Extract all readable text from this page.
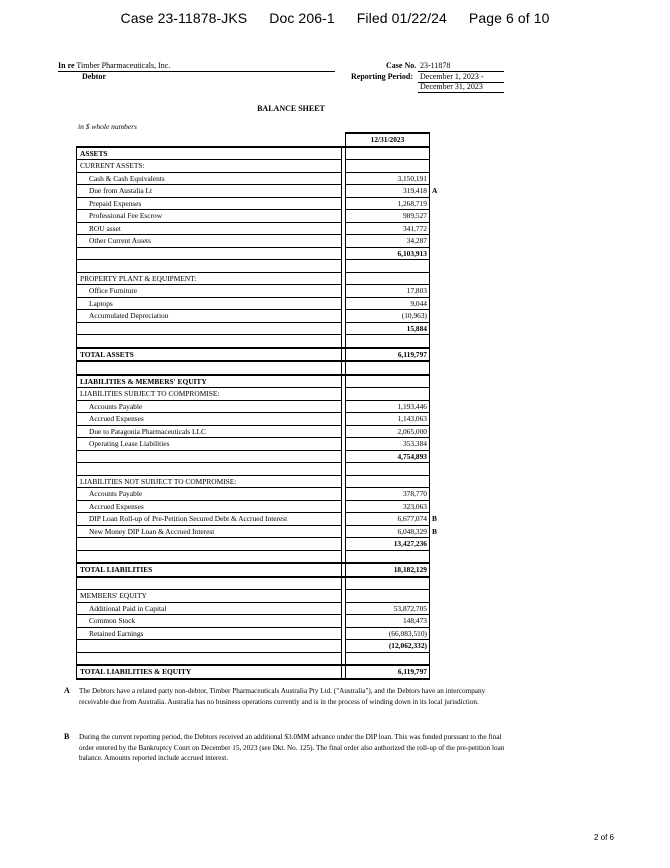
Case 23-11878-JKS Doc 206-1 Filed 01/22/24 Page 6 of 10
In re Timber Pharmaceuticals, Inc.
Debtor
Case No. 23-11878
Reporting Period: December 1, 2023 -
December 31, 2023
BALANCE SHEET
in $ whole numbers
		12/31/2023
ASSETS		
CURRENT ASSETS:		
Cash & Cash Equivalents		3,150,191
Due from Austalia Lt		319,418 A

Prepaid Expenses		1,268,719
Professional Fee Escrow		989,527
ROU asset		341,772
Other Current Assets		34,287
		6,103,913

PROPERTY PLANT & EQUIPMENT:		
Office Furniture		17,803
Laptops		9,044
Accumulated Depreciation		(10,963)
		15,884

TOTAL ASSETS		6,119,797

LIABILITIES & MEMBERS' EQUITY		
LIABILITIES SUBJECT TO COMPROMISE:		
Accounts Payable		1,193,446
Accrued Expenses		1,143,063
Due to Patagonia Pharmaceuticals LLC		2,065,000
Operating Lease Liabilities		353,384
		4,754,893

LIABILITIES NOT SUBJECT TO COMPROMISE:		
Accounts Payable		378,770
Accrued Expenses		323,063
DIP Loan Roll-up of Pre-Petition Secured Debt & Accrued Interest		6,677,074 B

New Money DIP Loan & Accrued Interest		6,048,329 B

		13,427,236

TOTAL LIABILITIES		18,182,129

MEMBERS' EQUITY		
Additional Paid in Capital		53,872,705
Common Stock		148,473
Retained Earnings		(66,083,510)
		(12,062,332)

TOTAL LIABILITIES & EQUITY		6,119,797
A The Debtors have a related party non-debtor, Timber Pharmaceuticals Australia Pty Ltd. ("Australia"), and the Debtors have an intercompany receivable due from Australia. Australia has no business operations currently and is in the process of winding down in its local jurisdiction.
B During the current reporting period, the Debtors received an additional $3.0MM advance under the DIP loan. This was funded pursuant to the final order entered by the Bankruptcy Court on December 15, 2023 (see Dkt. No. 125). The final order also authorized the roll-up of the pre-petition loan balance. Amounts reported include accrued interest.
2 of 6
